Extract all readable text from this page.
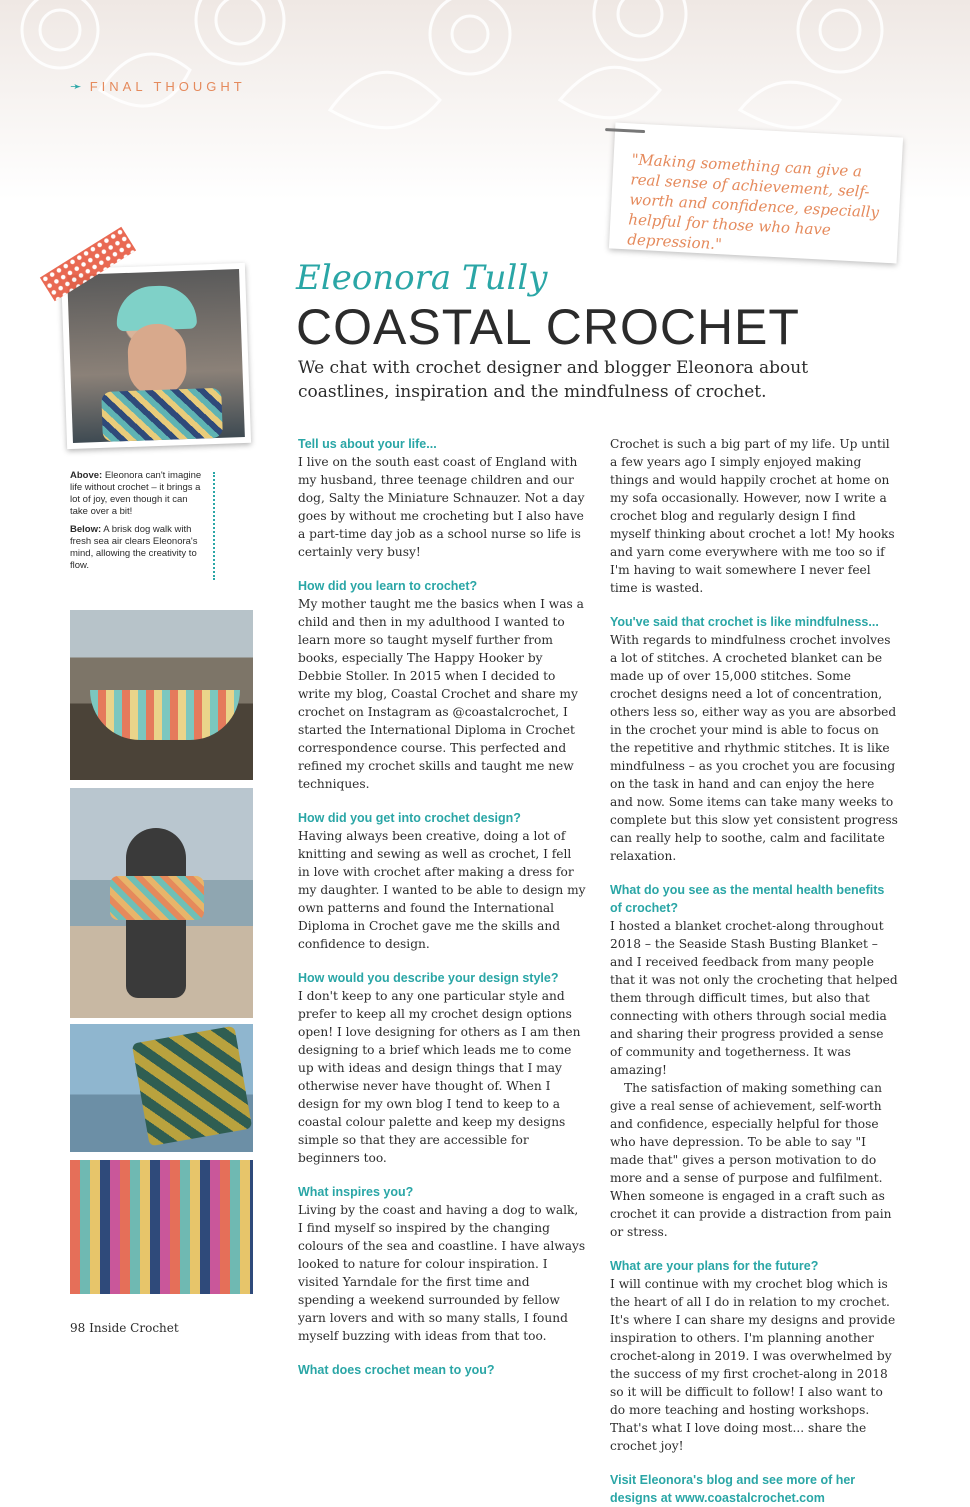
➛ FINAL THOUGHT
"Making something can give a real sense of achievement, self-worth and confidence, especially helpful for those who have depression."
Eleonora Tully
COASTAL CROCHET
We chat with crochet designer and blogger Eleonora about coastlines, inspiration and the mindfulness of crochet.

Above: Eleonora can't imagine life without crochet – it brings a lot of joy, even though it can take over a bit!

Below: A brisk dog walk with fresh sea air clears Eleonora's mind, allowing the creativity to flow.

Tell us about your life...

I live on the south east coast of England with my husband, three teenage children and our dog, Salty the Miniature Schnauzer. Not a day goes by without me crocheting but I also have a part-time day job as a school nurse so life is certainly very busy!

How did you learn to crochet?

My mother taught me the basics when I was a child and then in my adulthood I wanted to learn more so taught myself further from books, especially The Happy Hooker by Debbie Stoller. In 2015 when I decided to write my blog, Coastal Crochet and share my crochet on Instagram as @coastalcrochet, I started the International Diploma in Crochet correspondence course. This perfected and refined my crochet skills and taught me new techniques.

How did you get into crochet design?

Having always been creative, doing a lot of knitting and sewing as well as crochet, I fell in love with crochet after making a dress for my daughter. I wanted to be able to design my own patterns and found the International Diploma in Crochet gave me the skills and confidence to design.

How would you describe your design style?

I don't keep to any one particular style and prefer to keep all my crochet design options open! I love designing for others as I am then designing to a brief which leads me to come up with ideas and design things that I may otherwise never have thought of. When I design for my own blog I tend to keep to a coastal colour palette and keep my designs simple so that they are accessible for beginners too.

What inspires you?

Living by the coast and having a dog to walk, I find myself so inspired by the changing colours of the sea and coastline. I have always looked to nature for colour inspiration. I visited Yarndale for the first time and spending a weekend surrounded by fellow yarn lovers and with so many stalls, I found myself buzzing with ideas from that too.

What does crochet mean to you?

Crochet is such a big part of my life. Up until a few years ago I simply enjoyed making things and would happily crochet at home on my sofa occasionally. However, now I write a crochet blog and regularly design I find myself thinking about crochet a lot! My hooks and yarn come everywhere with me too so if I'm having to wait somewhere I never feel time is wasted.

You've said that crochet is like mindfulness...

With regards to mindfulness crochet involves a lot of stitches. A crocheted blanket can be made up of over 15,000 stitches. Some crochet designs need a lot of concentration, others less so, either way as you are absorbed in the crochet your mind is able to focus on the repetitive and rhythmic stitches. It is like mindfulness – as you crochet you are focusing on the task in hand and can enjoy the here and now. Some items can take many weeks to complete but this slow yet consistent progress can really help to soothe, calm and facilitate relaxation.

What do you see as the mental health benefits of crochet?

I hosted a blanket crochet-along throughout 2018 – the Seaside Stash Busting Blanket – and I received feedback from many people that it was not only the crocheting that helped them through difficult times, but also that connecting with others through social media and sharing their progress provided a sense of community and togetherness. It was amazing!

The satisfaction of making something can give a real sense of achievement, self-worth and confidence, especially helpful for those who have depression. To be able to say "I made that" gives a person motivation to do more and a sense of purpose and fulfilment. When someone is engaged in a craft such as crochet it can provide a distraction from pain or stress.

What are your plans for the future?

I will continue with my crochet blog which is the heart of all I do in relation to my crochet. It's where I can share my designs and provide inspiration to others. I'm planning another crochet-along in 2019. I was overwhelmed by the success of my first crochet-along in 2018 so it will be difficult to follow! I also want to do more teaching and hosting workshops. That's what I love doing most... share the crochet joy!

Visit Eleonora's blog and see more of her designs at www.coastalcrochet.com

98 Inside Crochet
